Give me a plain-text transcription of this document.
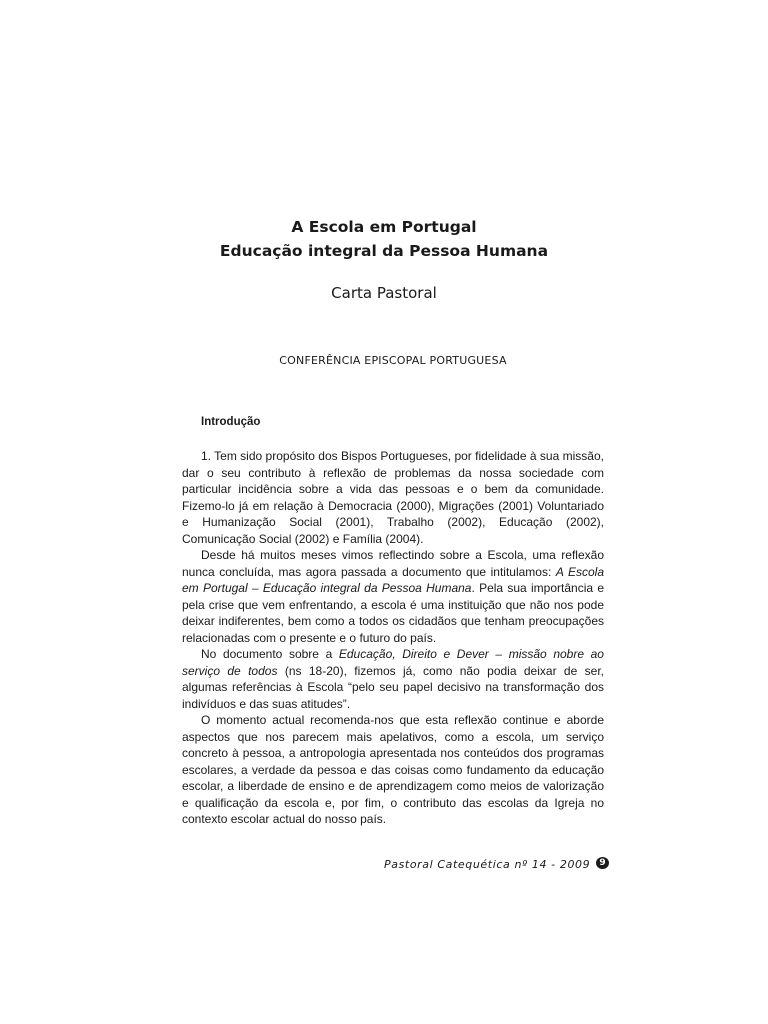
A Escola em Portugal
Educação integral da Pessoa Humana
Carta Pastoral
CONFERÊNCIA EPISCOPAL PORTUGUESA
Introdução

1. Tem sido propósito dos Bispos Portugueses, por fidelidade à sua missão, dar o seu contributo à reflexão de problemas da nossa sociedade com particular incidência sobre a vida das pessoas e o bem da comunidade. Fizemo-lo já em relação à Democracia (2000), Migrações (2001) Voluntariado e Humanização Social (2001), Trabalho (2002), Educação (2002), Comunicação Social (2002) e Família (2004).

Desde há muitos meses vimos reflectindo sobre a Escola, uma reflexão nunca concluída, mas agora passada a documento que intitulamos: A Escola em Portugal – Educação integral da Pessoa Humana. Pela sua importância e pela crise que vem enfrentando, a escola é uma instituição que não nos pode deixar indiferentes, bem como a todos os cidadãos que tenham preocupações relacionadas com o presente e o futuro do país.

No documento sobre a Educação, Direito e Dever – missão nobre ao serviço de todos (ns 18-20), fizemos já, como não podia deixar de ser, algumas referências à Escola “pelo seu papel decisivo na transformação dos indivíduos e das suas atitudes”.

O momento actual recomenda-nos que esta reflexão continue e aborde aspectos que nos parecem mais apelativos, como a escola, um serviço concreto à pessoa, a antropologia apresentada nos conteúdos dos programas escolares, a verdade da pessoa e das coisas como fundamento da educação escolar, a liberdade de ensino e de aprendizagem como meios de valorização e qualificação da escola e, por fim, o contributo das escolas da Igreja no contexto escolar actual do nosso país.

Pastoral Catequética nº 14 - 2009	9
